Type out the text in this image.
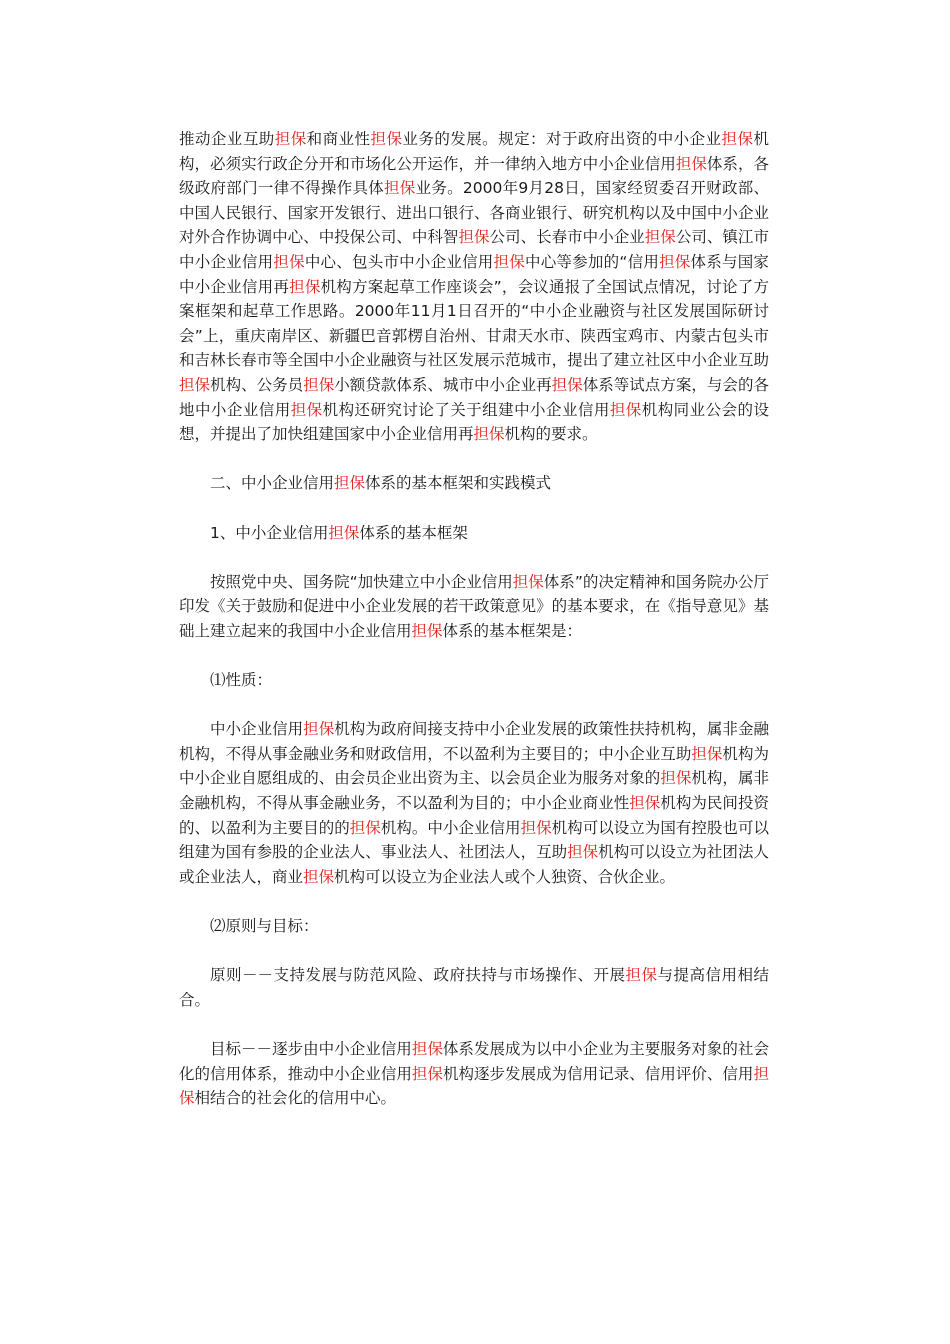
推动企业互助担保和商业性担保业务的发展。规定：对于政府出资的中小企业担保机构，必须实行政企分开和市场化公开运作，并一律纳入地方中小企业信用担保体系，各级政府部门一律不得操作具体担保业务。2000年9月28日，国家经贸委召开财政部、中国人民银行、国家开发银行、进出口银行、各商业银行、研究机构以及中国中小企业对外合作协调中心、中投保公司、中科智担保公司、长春市中小企业担保公司、镇江市中小企业信用担保中心、包头市中小企业信用担保中心等参加的“信用担保体系与国家中小企业信用再担保机构方案起草工作座谈会”，会议通报了全国试点情况，讨论了方案框架和起草工作思路。2000年11月1日召开的“中小企业融资与社区发展国际研讨会”上，重庆南岸区、新疆巴音郭楞自治州、甘肃天水市、陕西宝鸡市、内蒙古包头市和吉林长春市等全国中小企业融资与社区发展示范城市，提出了建立社区中小企业互助担保机构、公务员担保小额贷款体系、城市中小企业再担保体系等试点方案，与会的各地中小企业信用担保机构还研究讨论了关于组建中小企业信用担保机构同业公会的设想，并提出了加快组建国家中小企业信用再担保机构的要求。

二、中小企业信用担保体系的基本框架和实践模式

1、中小企业信用担保体系的基本框架

按照党中央、国务院“加快建立中小企业信用担保体系”的决定精神和国务院办公厅印发《关于鼓励和促进中小企业发展的若干政策意见》的基本要求，在《指导意见》基础上建立起来的我国中小企业信用担保体系的基本框架是：

⑴性质：

中小企业信用担保机构为政府间接支持中小企业发展的政策性扶持机构，属非金融机构，不得从事金融业务和财政信用，不以盈利为主要目的；中小企业互助担保机构为中小企业自愿组成的、由会员企业出资为主、以会员企业为服务对象的担保机构，属非金融机构，不得从事金融业务，不以盈利为目的；中小企业商业性担保机构为民间投资的、以盈利为主要目的的担保机构。中小企业信用担保机构可以设立为国有控股也可以组建为国有参股的企业法人、事业法人、社团法人，互助担保机构可以设立为社团法人或企业法人，商业担保机构可以设立为企业法人或个人独资、合伙企业。

⑵原则与目标：

原则－－支持发展与防范风险、政府扶持与市场操作、开展担保与提高信用相结合。

目标－－逐步由中小企业信用担保体系发展成为以中小企业为主要服务对象的社会化的信用体系，推动中小企业信用担保机构逐步发展成为信用记录、信用评价、信用担保相结合的社会化的信用中心。
